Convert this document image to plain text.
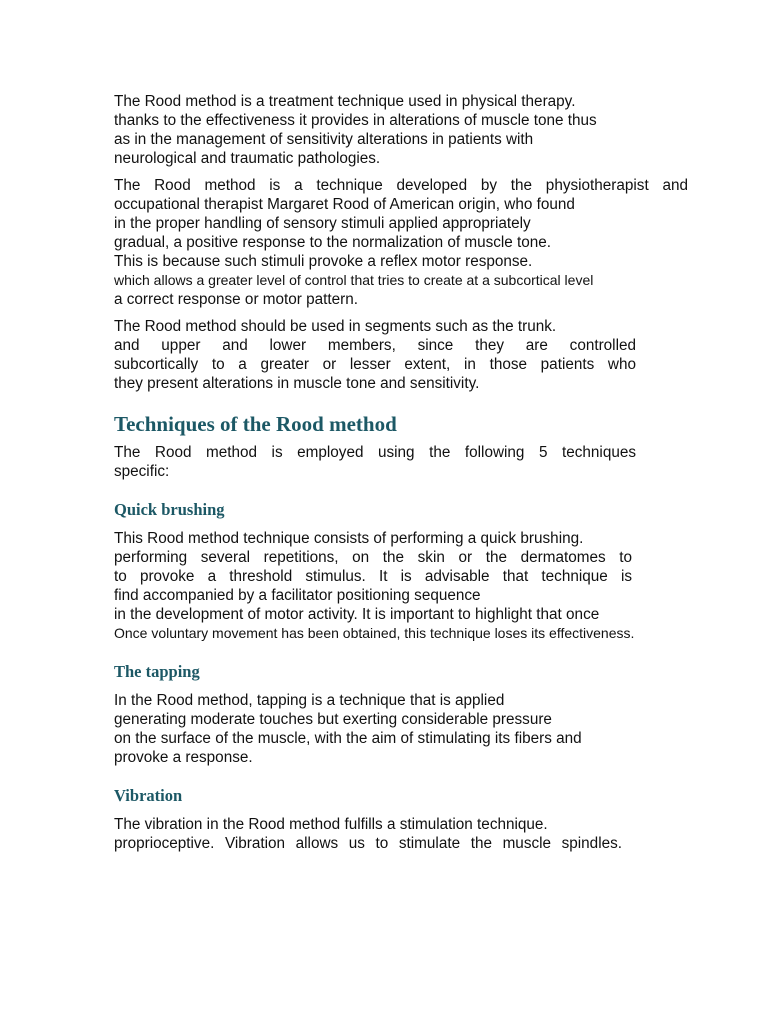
The Rood method is a treatment technique used in physical therapy.
thanks to the effectiveness it provides in alterations of muscle tone thus
as in the management of sensitivity alterations in patients with
neurological and traumatic pathologies.

The Rood method is a technique developed by the physiotherapist and
occupational therapist Margaret Rood of American origin, who found
in the proper handling of sensory stimuli applied appropriately
gradual, a positive response to the normalization of muscle tone.
This is because such stimuli provoke a reflex motor response.
which allows a greater level of control that tries to create at a subcortical level
a correct response or motor pattern.

The Rood method should be used in segments such as the trunk.
and upper and lower members, since they are controlled
subcortically to a greater or lesser extent, in those patients who
they present alterations in muscle tone and sensitivity.

Techniques of the Rood method

The Rood method is employed using the following 5 techniques
specific:

Quick brushing

This Rood method technique consists of performing a quick brushing.
performing several repetitions, on the skin or the dermatomes to
to provoke a threshold stimulus. It is advisable that technique is
find accompanied by a facilitator positioning sequence
in the development of motor activity. It is important to highlight that once
Once voluntary movement has been obtained, this technique loses its effectiveness.

The tapping

In the Rood method, tapping is a technique that is applied
generating moderate touches but exerting considerable pressure
on the surface of the muscle, with the aim of stimulating its fibers and
provoke a response.

Vibration

The vibration in the Rood method fulfills a stimulation technique.
proprioceptive. Vibration allows us to stimulate the muscle spindles.
